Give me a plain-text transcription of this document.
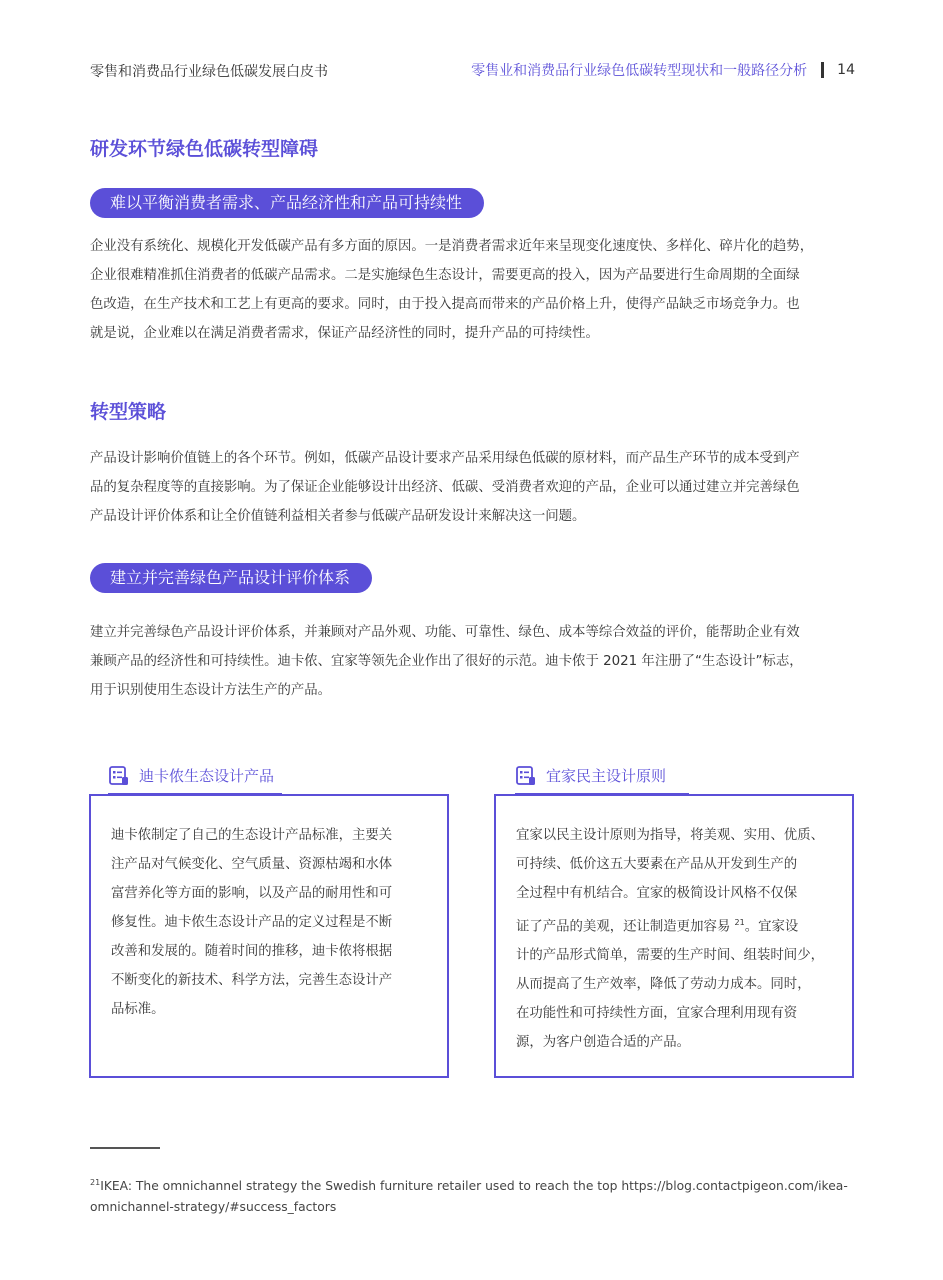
零售和消费品行业绿色低碳发展白皮书	零售业和消费品行业绿色低碳转型现状和一般路径分析 14
研发环节绿色低碳转型障碍
难以平衡消费者需求、产品经济性和产品可持续性

企业没有系统化、规模化开发低碳产品有多方面的原因。一是消费者需求近年来呈现变化速度快、多样化、碎片化的趋势，

企业很难精准抓住消费者的低碳产品需求。二是实施绿色生态设计，需要更高的投入，因为产品要进行生命周期的全面绿

色改造，在生产技术和工艺上有更高的要求。同时，由于投入提高而带来的产品价格上升，使得产品缺乏市场竞争力。也

就是说，企业难以在满足消费者需求，保证产品经济性的同时，提升产品的可持续性。

转型策略

产品设计影响价值链上的各个环节。例如，低碳产品设计要求产品采用绿色低碳的原材料，而产品生产环节的成本受到产

品的复杂程度等的直接影响。为了保证企业能够设计出经济、低碳、受消费者欢迎的产品，企业可以通过建立并完善绿色

产品设计评价体系和让全价值链利益相关者参与低碳产品研发设计来解决这一问题。

建立并完善绿色产品设计评价体系

建立并完善绿色产品设计评价体系，并兼顾对产品外观、功能、可靠性、绿色、成本等综合效益的评价，能帮助企业有效

兼顾产品的经济性和可持续性。迪卡侬、宜家等领先企业作出了很好的示范。迪卡侬于 2021 年注册了“生态设计”标志，

用于识别使用生态设计方法生产的产品。

迪卡侬生态设计产品
迪卡侬制定了自己的生态设计产品标准，主要关
注产品对气候变化、空气质量、资源枯竭和水体
富营养化等方面的影响，以及产品的耐用性和可
修复性。迪卡侬生态设计产品的定义过程是不断
改善和发展的。随着时间的推移，迪卡侬将根据
不断变化的新技术、科学方法，完善生态设计产
品标准。
宜家民主设计原则
宜家以民主设计原则为指导，将美观、实用、优质、
可持续、低价这五大要素在产品从开发到生产的
全过程中有机结合。宜家的极简设计风格不仅保
证了产品的美观，还让制造更加容易 $^{21}$。宜家设
计的产品形式简单，需要的生产时间、组装时间少，
从而提高了生产效率，降低了劳动力成本。同时，
在功能性和可持续性方面，宜家合理利用现有资
源，为客户创造合适的产品。
$^{21}$IKEA: The omnichannel strategy the Swedish furniture retailer used to reach the top https://blog.contactpigeon.com/ikea-omnichannel-strategy/#success_factors
